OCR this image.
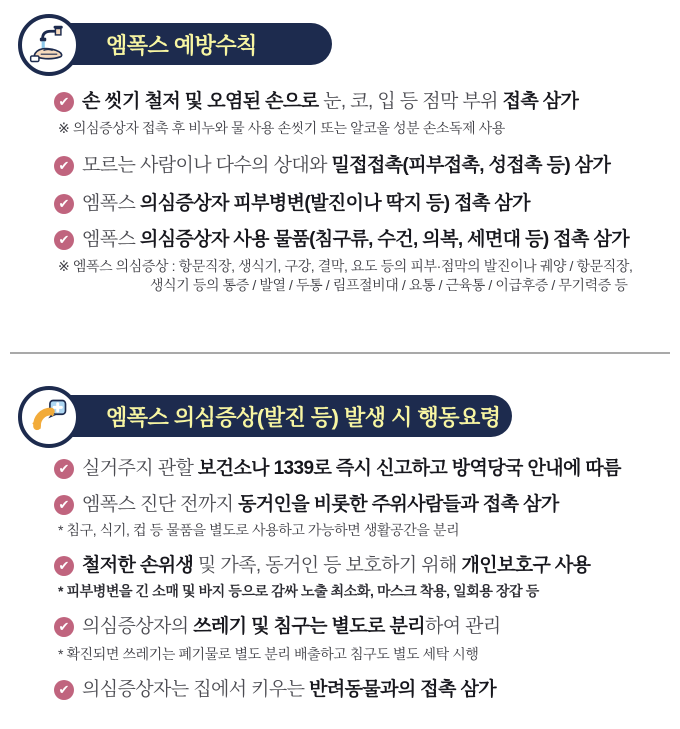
엠폭스 예방수칙
✔ 손 씻기 철저 및 오염된 손으로 눈, 코, 입 등 점막 부위 접촉 삼가

※ 의심증상자 접촉 후 비누와 물 사용 손씻기 또는 알코올 성분 손소독제 사용

✔ 모르는 사람이나 다수의 상대와 밀접접촉(피부접촉, 성접촉 등) 삼가

✔ 엠폭스 의심증상자 피부병변(발진이나 딱지 등) 접촉 삼가

✔ 엠폭스 의심증상자 사용 물품(침구류, 수건, 의복, 세면대 등) 접촉 삼가

※ 엠폭스 의심증상 : 항문직장, 생식기, 구강, 결막, 요도 등의 피부·점막의 발진이나 궤양 / 항문직장,

생식기 등의 통증 / 발열 / 두통 / 림프절비대 / 요통 / 근육통 / 이급후증 / 무기력증 등

엠폭스 의심증상(발진 등) 발생 시 행동요령
✔ 실거주지 관할 보건소나 1339로 즉시 신고하고 방역당국 안내에 따름

✔ 엠폭스 진단 전까지 동거인을 비롯한 주위사람들과 접촉 삼가

* 침구, 식기, 컵 등 물품을 별도로 사용하고 가능하면 생활공간을 분리

✔ 철저한 손위생 및 가족, 동거인 등 보호하기 위해 개인보호구 사용

* 피부병변을 긴 소매 및 바지 등으로 감싸 노출 최소화, 마스크 착용, 일회용 장갑 등

✔ 의심증상자의 쓰레기 및 침구는 별도로 분리하여 관리

* 확진되면 쓰레기는 폐기물로 별도 분리 배출하고 침구도 별도 세탁 시행

✔ 의심증상자는 집에서 키우는 반려동물과의 접촉 삼가
